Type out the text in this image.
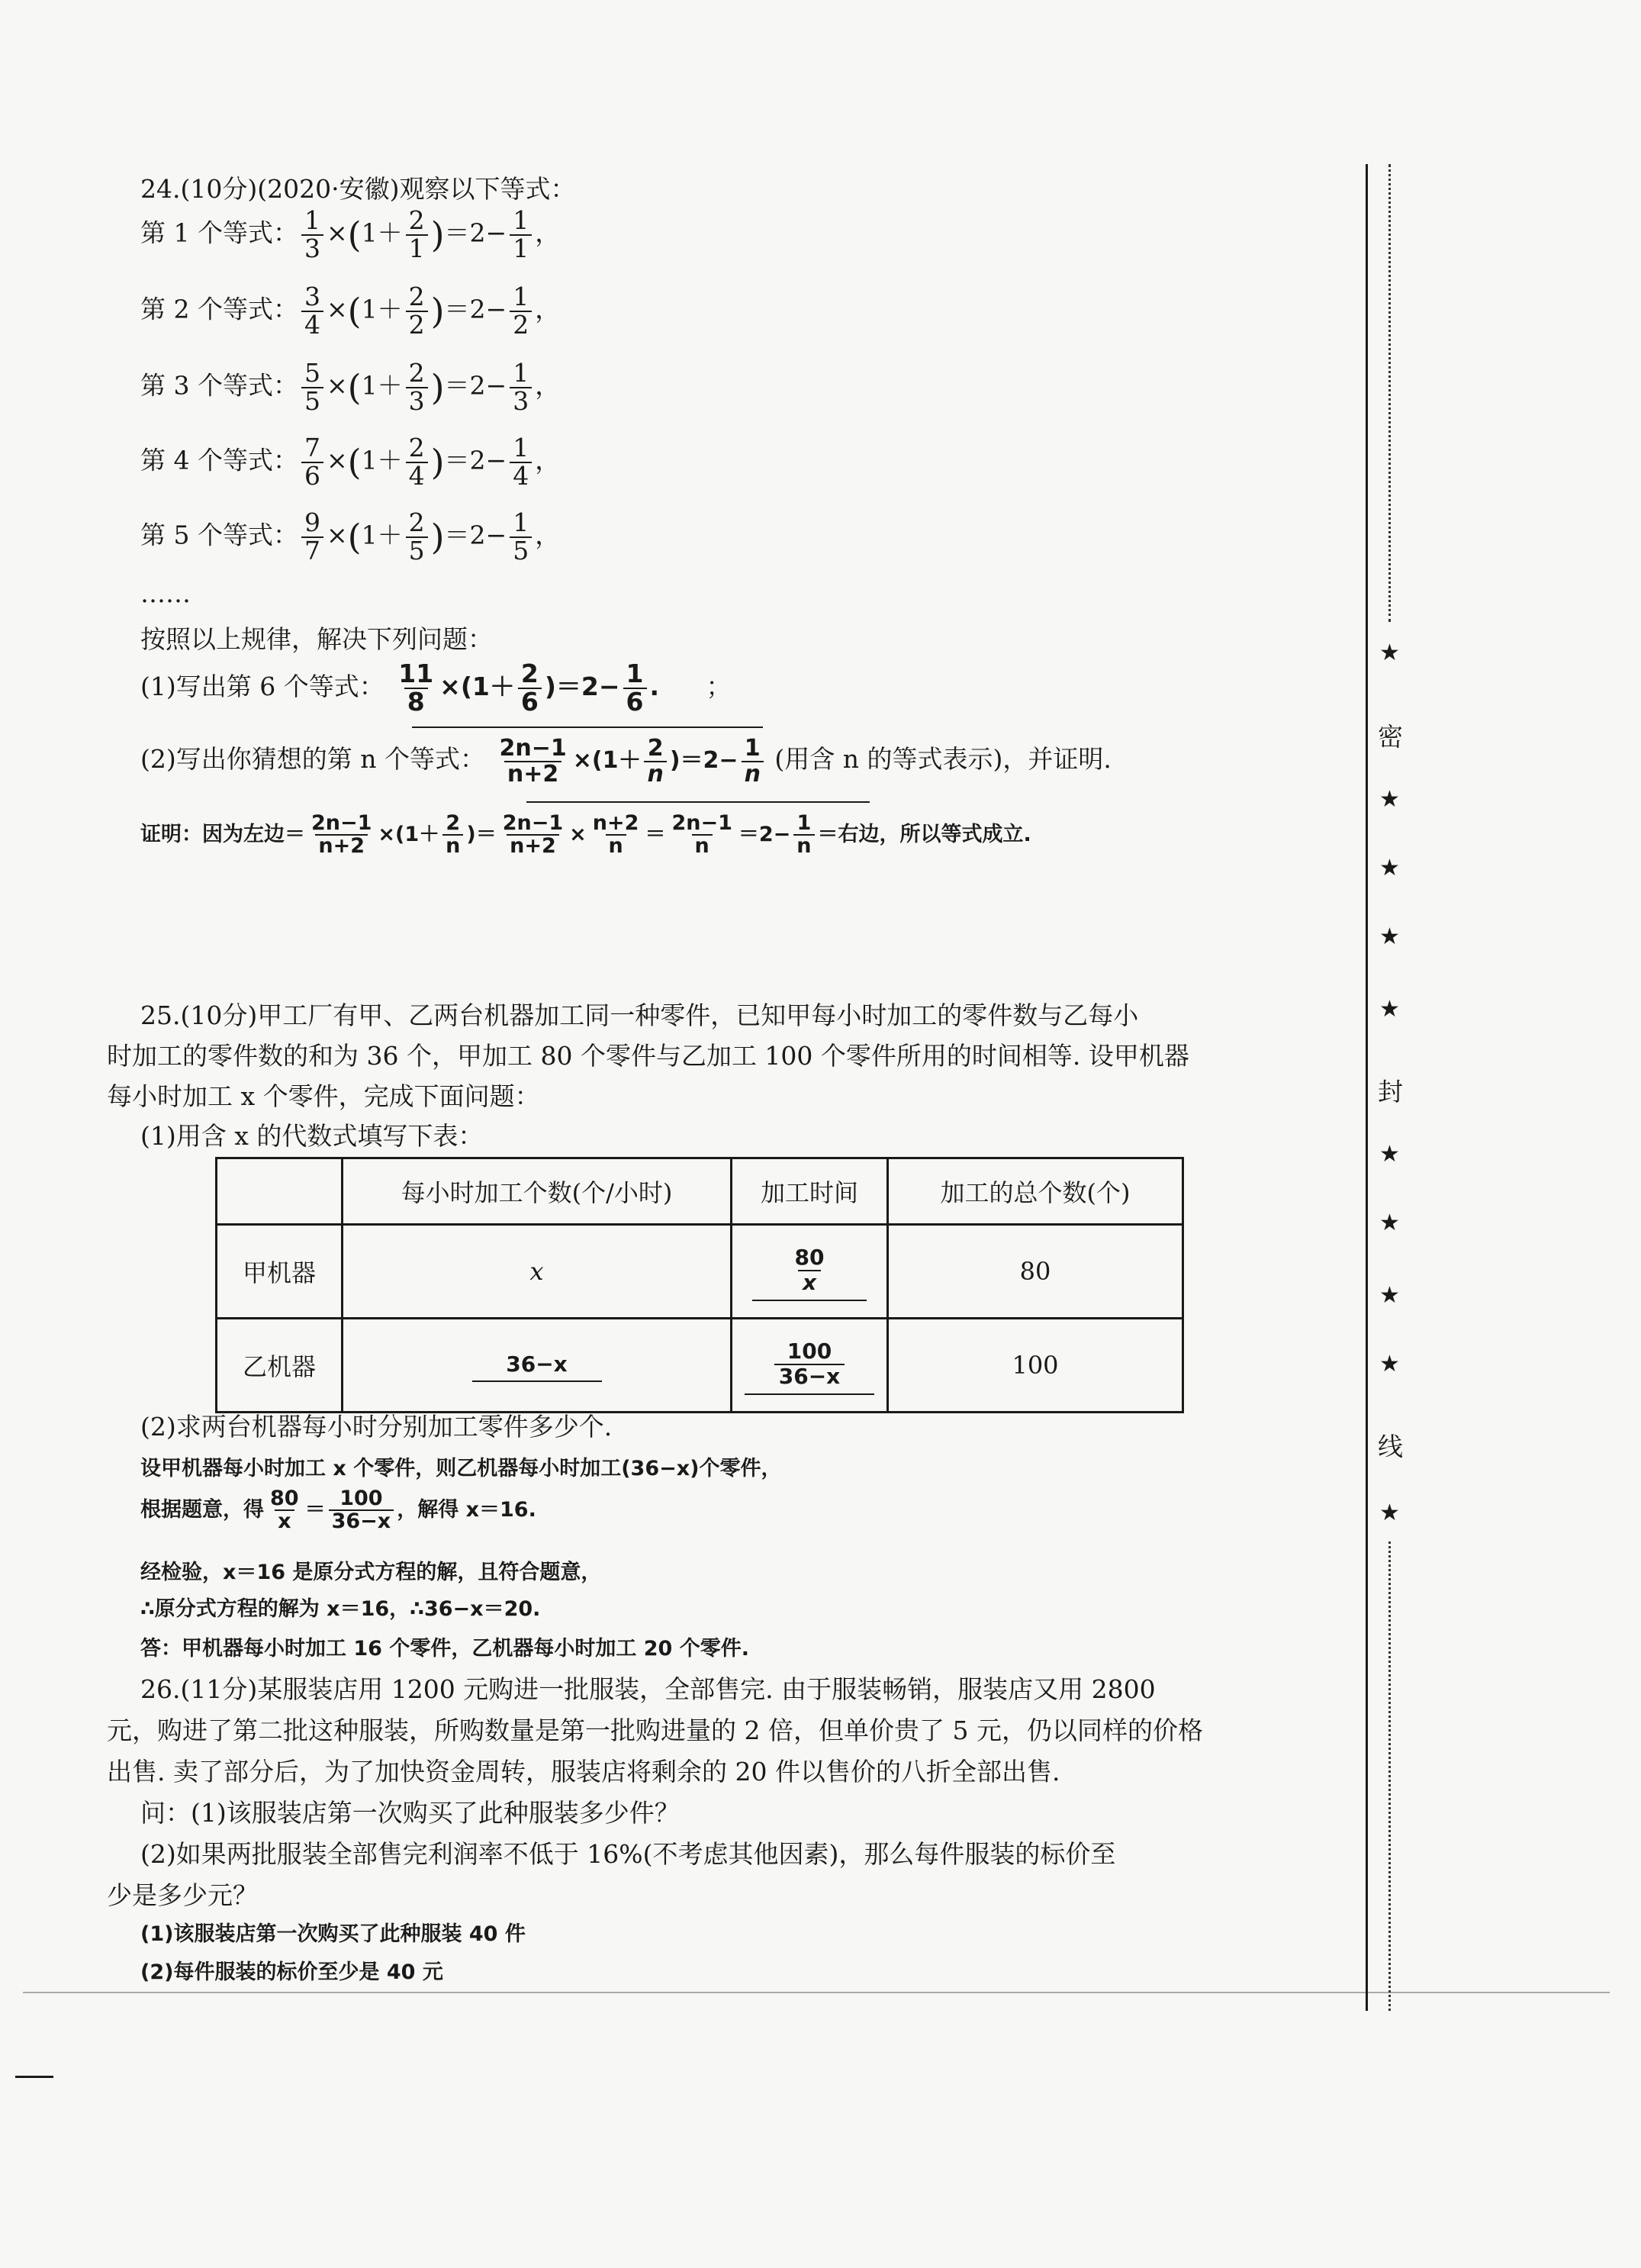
24.(10分)(2020·安徽)观察以下等式：
第 1 个等式： $\frac{1}{3} \times(1+ \frac{2}{1} )=2- \frac{1}{1}$ ，
第 2 个等式： $\frac{3}{4} \times(1+ \frac{2}{2} )=2- \frac{1}{2}$ ，
第 3 个等式： $\frac{5}{5} \times(1+ \frac{2}{3} )=2- \frac{1}{3}$ ，
第 4 个等式： $\frac{7}{6} \times(1+ \frac{2}{4} )=2- \frac{1}{4}$ ，
第 5 个等式： $\frac{9}{7} \times(1+ \frac{2}{5} )=2- \frac{1}{5}$ ，
……
按照以上规律，解决下列问题：
(1)写出第 6 个等式： $\frac{11}{8} \times(1+ \frac{2}{6} )=2- \frac{1}{6}$ . ；
(2)写出你猜想的第 n 个等式： $\frac{2n-1}{n+2} \times(1+ \frac{2}{n} )=2- \frac{1}{n}$ (用含 n 的等式表示)，并证明.
证明：因为左边＝ $\frac{2n-1}{n+2} \times(1+ \frac{2}{n}$ )＝ $\frac{2n-1}{n+2} \times \frac{n+2}{n} = \frac{2n-1}{n} =2- \frac{1}{n}$ ＝右边，所以等式成立.
25.(10分)甲工厂有甲、乙两台机器加工同一种零件，已知甲每小时加工的零件数与乙每小
时加工的零件数的和为 36 个，甲加工 80 个零件与乙加工 100 个零件所用的时间相等. 设甲机器
每小时加工 x 个零件，完成下面问题：
(1)用含 x 的代数式填写下表：
	每小时加工个数(个/小时)	加工时间	加工的总个数(个)
甲机器	x	$\frac{80}{x}$	80
乙机器	36−x	$\frac{100}{36-x}$	100
(2)求两台机器每小时分别加工零件多少个.
设甲机器每小时加工 x 个零件，则乙机器每小时加工(36−x)个零件，
根据题意，得 $\frac{80}{x} = \frac{100}{36-x}$ ，解得 x＝16.
经检验，x＝16 是原分式方程的解，且符合题意，
∴原分式方程的解为 x＝16，∴36−x＝20.
答：甲机器每小时加工 16 个零件，乙机器每小时加工 20 个零件.
26.(11分)某服装店用 1200 元购进一批服装，全部售完. 由于服装畅销，服装店又用 2800
元，购进了第二批这种服装，所购数量是第一批购进量的 2 倍，但单价贵了 5 元，仍以同样的价格
出售. 卖了部分后，为了加快资金周转，服装店将剩余的 20 件以售价的八折全部出售.
问：(1)该服装店第一次购买了此种服装多少件？
(2)如果两批服装全部售完利润率不低于 16%(不考虑其他因素)，那么每件服装的标价至
少是多少元？
(1)该服装店第一次购买了此种服装 40 件
(2)每件服装的标价至少是 40 元
★
密
★
★
★
★
封
★
★
★
★
线
★
